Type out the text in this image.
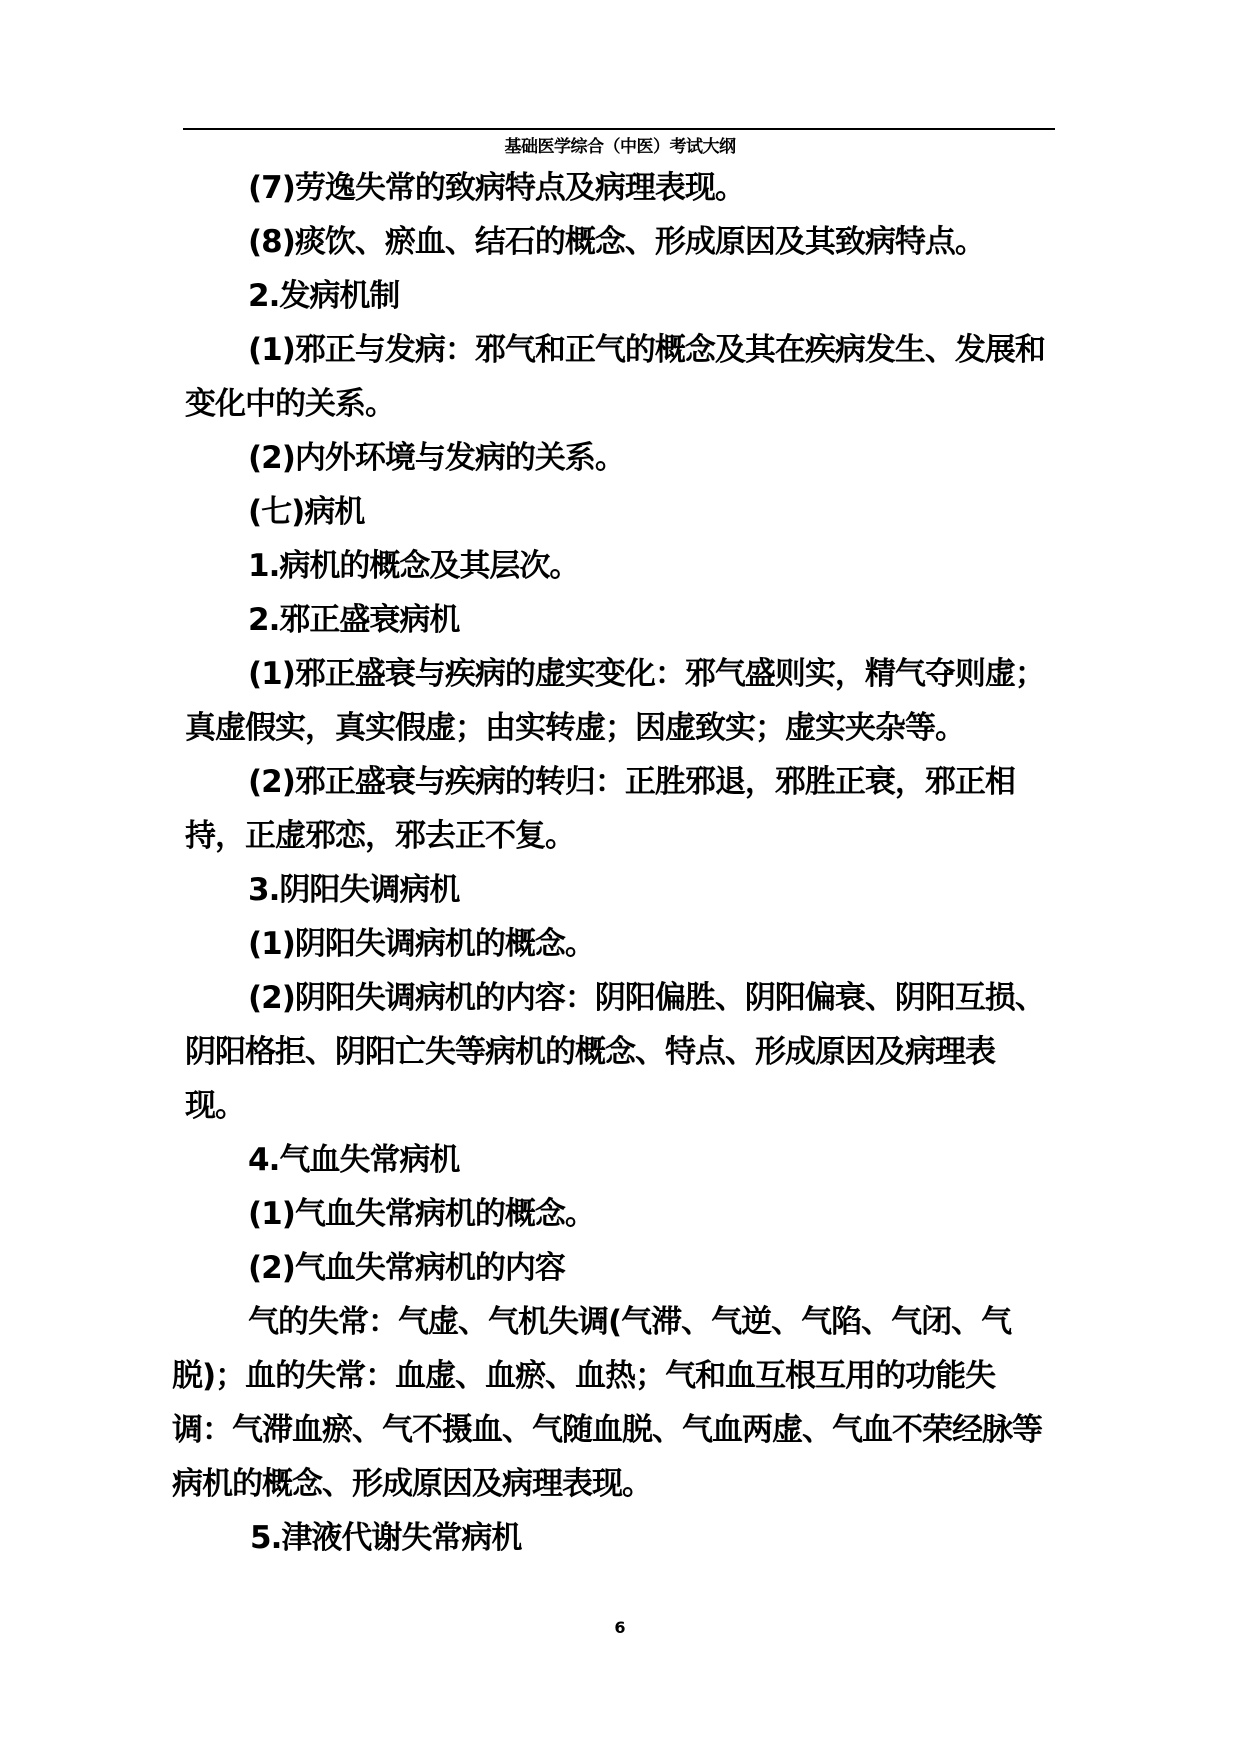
基础医学综合（中医）考试大纲
(7)劳逸失常的致病特点及病理表现。
(8)痰饮、瘀血、结石的概念、形成原因及其致病特点。
2.发病机制
(1)邪正与发病：邪气和正气的概念及其在疾病发生、发展和
变化中的关系。
(2)内外环境与发病的关系。
(七)病机
1.病机的概念及其层次。
2.邪正盛衰病机
(1)邪正盛衰与疾病的虚实变化：邪气盛则实，精气夺则虚；
真虚假实，真实假虚；由实转虚；因虚致实；虚实夹杂等。
(2)邪正盛衰与疾病的转归：正胜邪退，邪胜正衰，邪正相
持，正虚邪恋，邪去正不复。
3.阴阳失调病机
(1)阴阳失调病机的概念。
(2)阴阳失调病机的内容：阴阳偏胜、阴阳偏衰、阴阳互损、
阴阳格拒、阴阳亡失等病机的概念、特点、形成原因及病理表
现。
4.气血失常病机
(1)气血失常病机的概念。
(2)气血失常病机的内容
气的失常：气虚、气机失调(气滞、气逆、气陷、气闭、气
脱)；血的失常：血虚、血瘀、血热；气和血互根互用的功能失
调：气滞血瘀、气不摄血、气随血脱、气血两虚、气血不荣经脉等
病机的概念、形成原因及病理表现。
5.津液代谢失常病机
6
